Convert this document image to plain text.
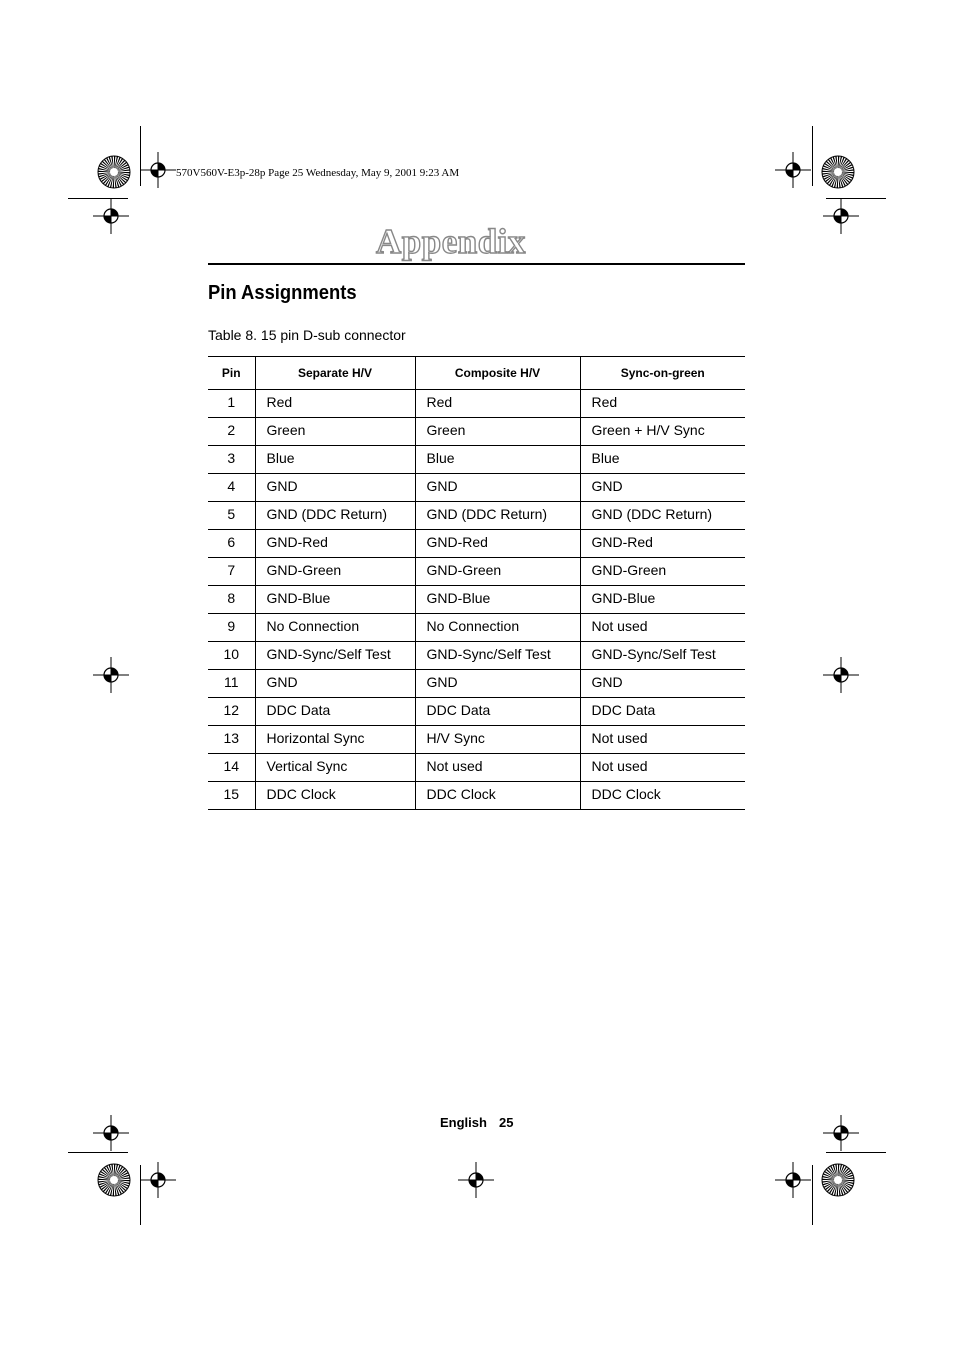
570V560V-E3p-28p Page 25 Wednesday, May 9, 2001 9:23 AM
Appendix
Pin Assignments
Table 8. 15 pin D-sub connector
Pin	Separate H/V	Composite H/V	Sync-on-green
1	Red	Red	Red
2	Green	Green	Green + H/V Sync
3	Blue	Blue	Blue
4	GND	GND	GND
5	GND (DDC Return)	GND (DDC Return)	GND (DDC Return)
6	GND-Red	GND-Red	GND-Red
7	GND-Green	GND-Green	GND-Green
8	GND-Blue	GND-Blue	GND-Blue
9	No Connection	No Connection	Not used
10	GND-Sync/Self Test	GND-Sync/Self Test	GND-Sync/Self Test
11	GND	GND	GND
12	DDC Data	DDC Data	DDC Data
13	Horizontal Sync	H/V Sync	Not used
14	Vertical Sync	Not used	Not used
15	DDC Clock	DDC Clock	DDC Clock
English 25
